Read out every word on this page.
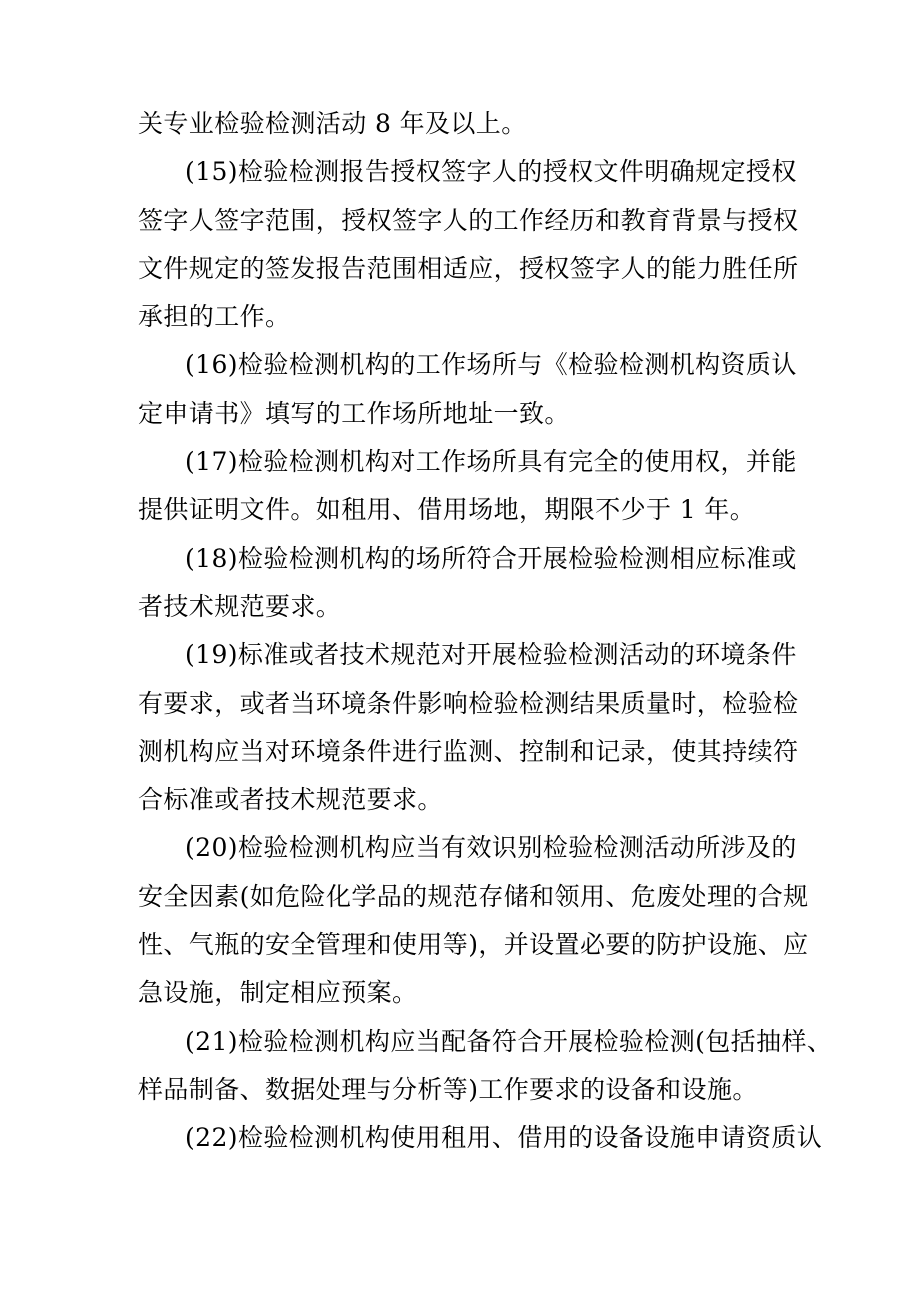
关专业检验检测活动 8 年及以上。
(15)检验检测报告授权签字人的授权文件明确规定授权
签字人签字范围，授权签字人的工作经历和教育背景与授权
文件规定的签发报告范围相适应，授权签字人的能力胜任所
承担的工作。
(16)检验检测机构的工作场所与《检验检测机构资质认
定申请书》填写的工作场所地址一致。
(17)检验检测机构对工作场所具有完全的使用权，并能
提供证明文件。如租用、借用场地，期限不少于 1 年。
(18)检验检测机构的场所符合开展检验检测相应标准或
者技术规范要求。
(19)标准或者技术规范对开展检验检测活动的环境条件
有要求，或者当环境条件影响检验检测结果质量时，检验检
测机构应当对环境条件进行监测、控制和记录，使其持续符
合标准或者技术规范要求。
(20)检验检测机构应当有效识别检验检测活动所涉及的
安全因素(如危险化学品的规范存储和领用、危废处理的合规
性、气瓶的安全管理和使用等)，并设置必要的防护设施、应
急设施，制定相应预案。
(21)检验检测机构应当配备符合开展检验检测(包括抽样、
样品制备、数据处理与分析等)工作要求的设备和设施。
(22)检验检测机构使用租用、借用的设备设施申请资质认
